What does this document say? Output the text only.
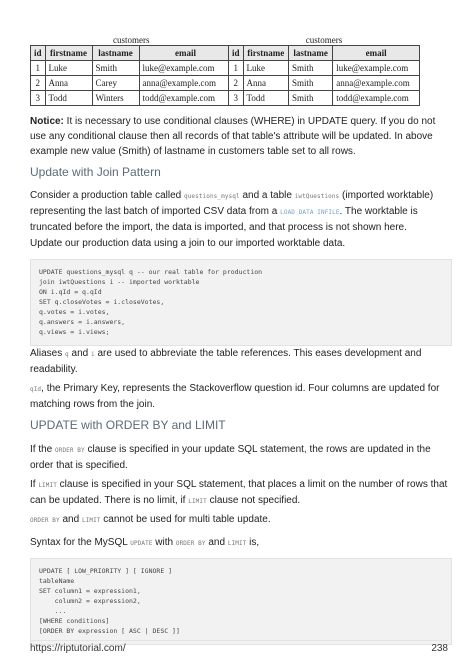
customers
id	firstname	lastname	email
1	Luke	Smith	luke@example.com
2	Anna	Carey	anna@example.com
3	Todd	Winters	todd@example.com
customers
id	firstname	lastname	email
1	Luke	Smith	luke@example.com
2	Anna	Smith	anna@example.com
3	Todd	Smith	todd@example.com

Notice: It is necessary to use conditional clauses (WHERE) in UPDATE query. If you do not use any conditional clause then all records of that table's attribute will be updated. In above example new value (Smith) of lastname in customers table set to all rows.

Update with Join Pattern

Consider a production table called questions_mysql and a table iwtQuestions (imported worktable) representing the last batch of imported CSV data from a LOAD DATA INFILE. The worktable is truncated before the import, the data is imported, and that process is not shown here.

Update our production data using a join to our imported worktable data.

UPDATE questions_mysql q -- our real table for production
join iwtQuestions i -- imported worktable
ON i.qId = q.qId
SET q.closeVotes = i.closeVotes,
q.votes = i.votes,
q.answers = i.answers,
q.views = i.views;

Aliases q and i are used to abbreviate the table references. This eases development and readability.

qId, the Primary Key, represents the Stackoverflow question id. Four columns are updated for matching rows from the join.

UPDATE with ORDER BY and LIMIT

If the ORDER BY clause is specified in your update SQL statement, the rows are updated in the order that is specified.

If LIMIT clause is specified in your SQL statement, that places a limit on the number of rows that can be updated. There is no limit, if LIMIT clause not specified.

ORDER BY and LIMIT cannot be used for multi table update.

Syntax for the MySQL UPDATE with ORDER BY and LIMIT is,

UPDATE [ LOW_PRIORITY ] [ IGNORE ]
tableName
SET column1 = expression1,
column2 = expression2,
...
[WHERE conditions]
[ORDER BY expression [ ASC | DESC ]]
https://riptutorial.com/	238
